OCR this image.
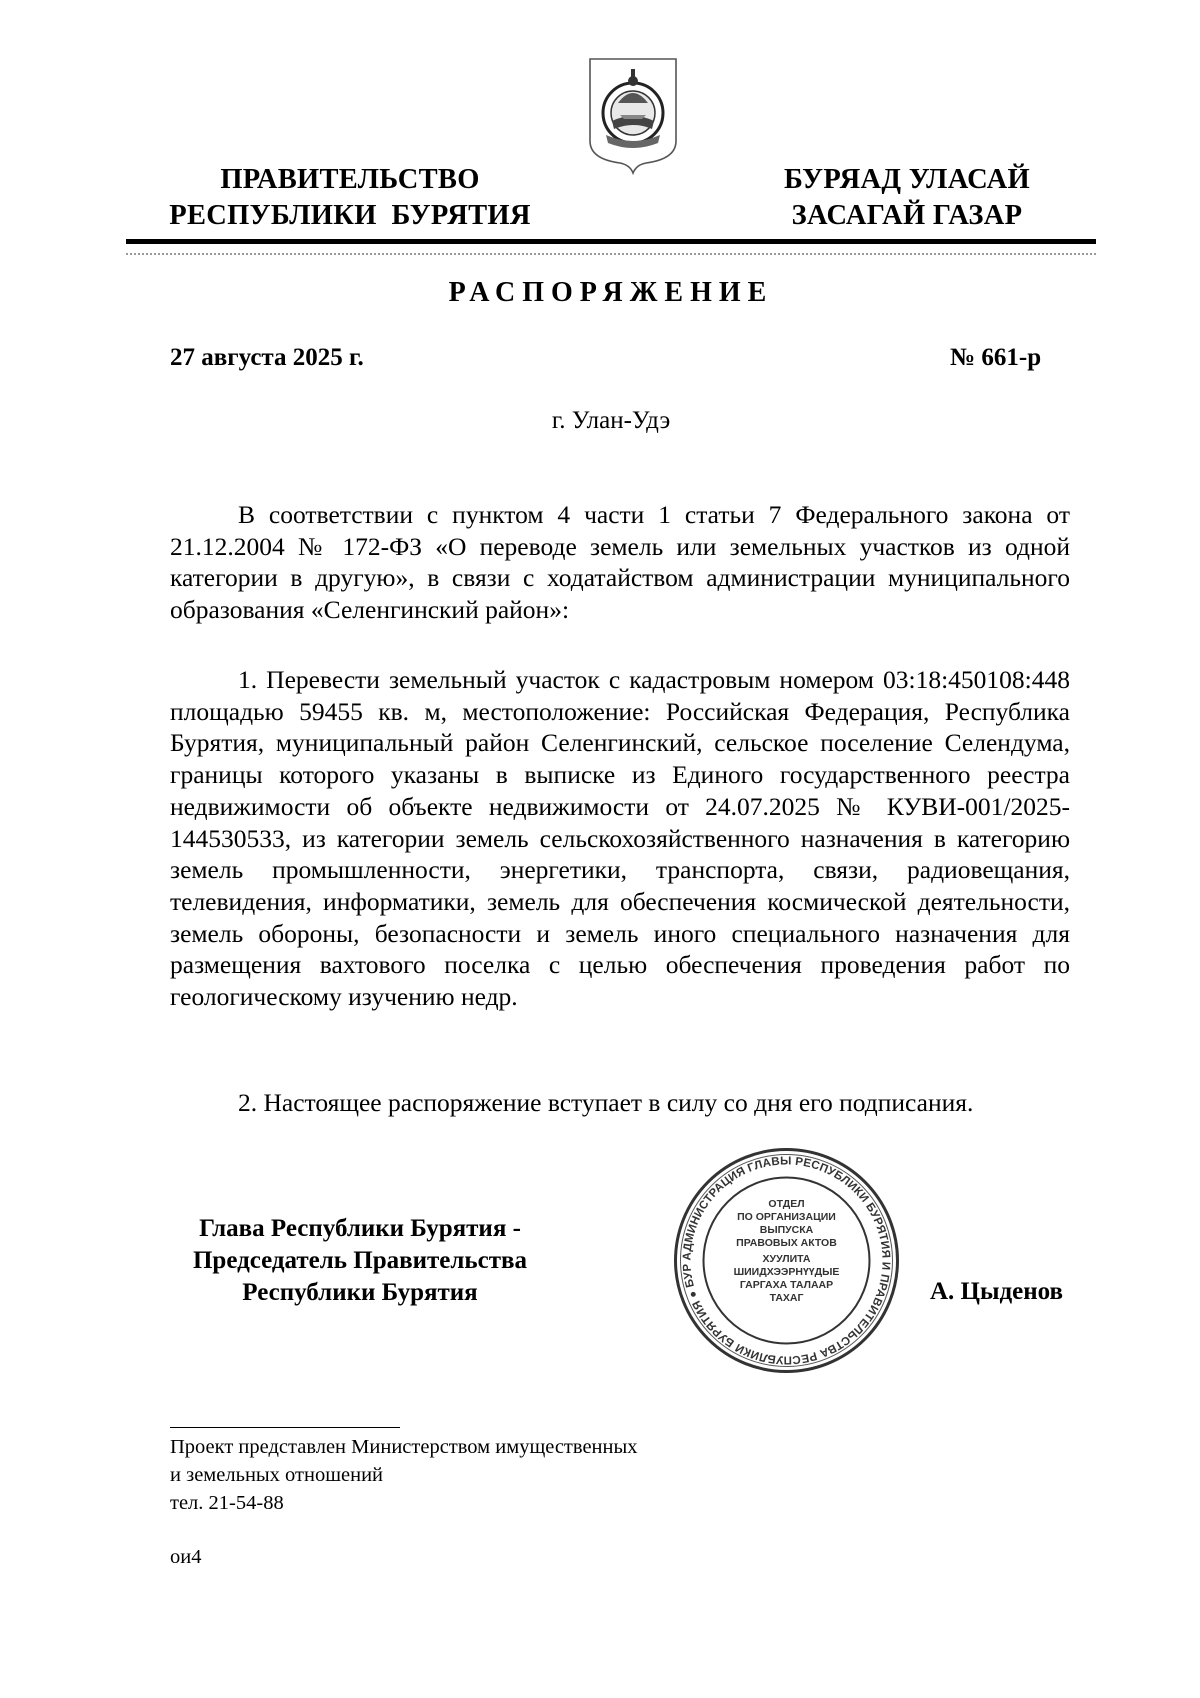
ПРАВИТЕЛЬСТВО
РЕСПУБЛИКИ  БУРЯТИЯ
БУРЯАД УЛАСАЙ
ЗАСАГАЙ ГАЗАР
РАСПОРЯЖЕНИЕ
27 августа 2025 г.	№ 661-р
г. Улан-Удэ
В соответствии с пунктом 4 части 1 статьи 7 Федерального закона от 21.12.2004 № 172-ФЗ «О переводе земель или земельных участков из одной категории в другую», в связи с ходатайством администрации муниципального образования «Селенгинский район»:
1. Перевести земельный участок с кадастровым номером 03:18:450108:448 площадью 59455 кв. м, местоположение: Российская Федерация, Республика Бурятия, муниципальный район Селенгинский, сельское поселение Селендума, границы которого указаны в выписке из Единого государственного реестра недвижимости об объекте недвижимости от 24.07.2025 № КУВИ-001/2025-144530533, из категории земель сельскохозяйственного назначения в категорию земель промышленности, энергетики, транспорта, связи, радиовещания, телевидения, информатики, земель для обеспечения космической деятельности, земель обороны, безопасности и земель иного специального назначения для размещения вахтового поселка с целью обеспечения проведения работ по геологическому изучению недр.
2. Настоящее распоряжение вступает в силу со дня его подписания.
Глава Республики Бурятия -
Председатель Правительства
Республики Бурятия
АДМИНИСТРАЦИЯ ГЛАВЫ РЕСПУБЛИКИ БУРЯТИЯ И ПРАВИТЕЛЬСТВА РЕСПУБЛИКИ БУРЯТИЯ ● БУР
ОТДЕЛ
ПО ОРГАНИЗАЦИИ
ВЫПУСКА
ПРАВОВЫХ АКТОВ
ХУУЛИТА
ШИИДХЭЭРНҮҮДЫЕ
ГАРГАХА ТАЛААР
ТАХАГ	А. Цыденов
Проект представлен Министерством имущественных
и земельных отношений
тел. 21-54-88
ои4
